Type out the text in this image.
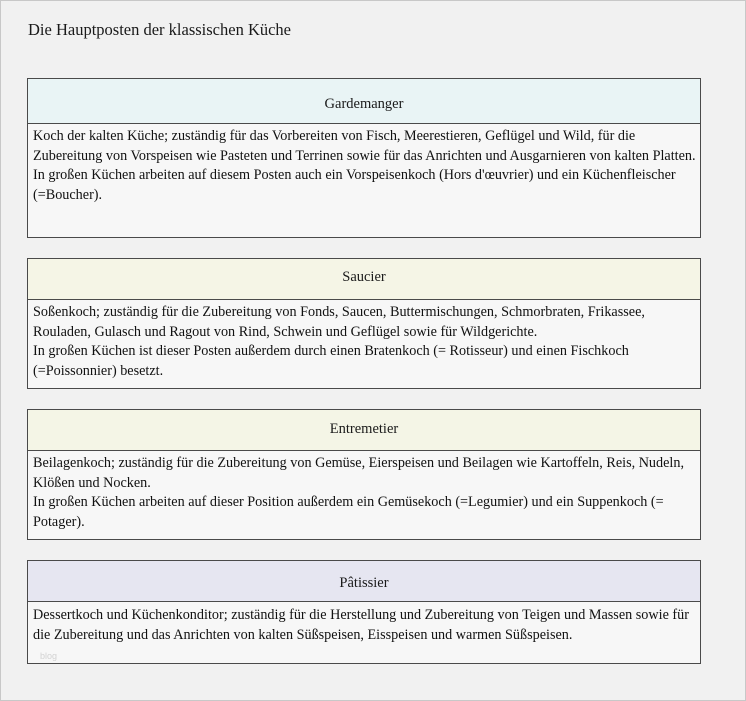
Die Hauptposten der klassischen Küche
Gardemanger

Koch der kalten Küche; zuständig für das Vorbereiten von Fisch, Meerestieren, Geflügel und Wild, für die Zubereitung von Vorspeisen wie Pasteten und Terrinen sowie für das Anrichten und Ausgarnieren von kalten Platten.

In großen Küchen arbeiten auf diesem Posten auch ein Vorspeisenkoch (Hors d'œuvrier) und ein Küchenfleischer (=Boucher).

Saucier

Soßenkoch; zuständig für die Zubereitung von Fonds, Saucen, Buttermischungen, Schmorbraten, Frikassee, Rouladen, Gulasch und Ragout von Rind, Schwein und Geflügel sowie für Wildgerichte.

In großen Küchen ist dieser Posten außerdem durch einen Bratenkoch (= Rotisseur) und einen Fischkoch (=Poissonnier) besetzt.

Entremetier

Beilagenkoch; zuständig für die Zubereitung von Gemüse, Eierspeisen und Beilagen wie Kartoffeln, Reis, Nudeln, Klößen und Nocken.

In großen Küchen arbeiten auf dieser Position außerdem ein Gemüsekoch (=Legumier) und ein Suppenkoch (= Potager).

Pâtissier

Dessertkoch und Küchenkonditor; zuständig für die Herstellung und Zubereitung von Teigen und Massen sowie für die Zubereitung und das Anrichten von kalten Süßspeisen, Eisspeisen und warmen Süßspeisen.

blog
